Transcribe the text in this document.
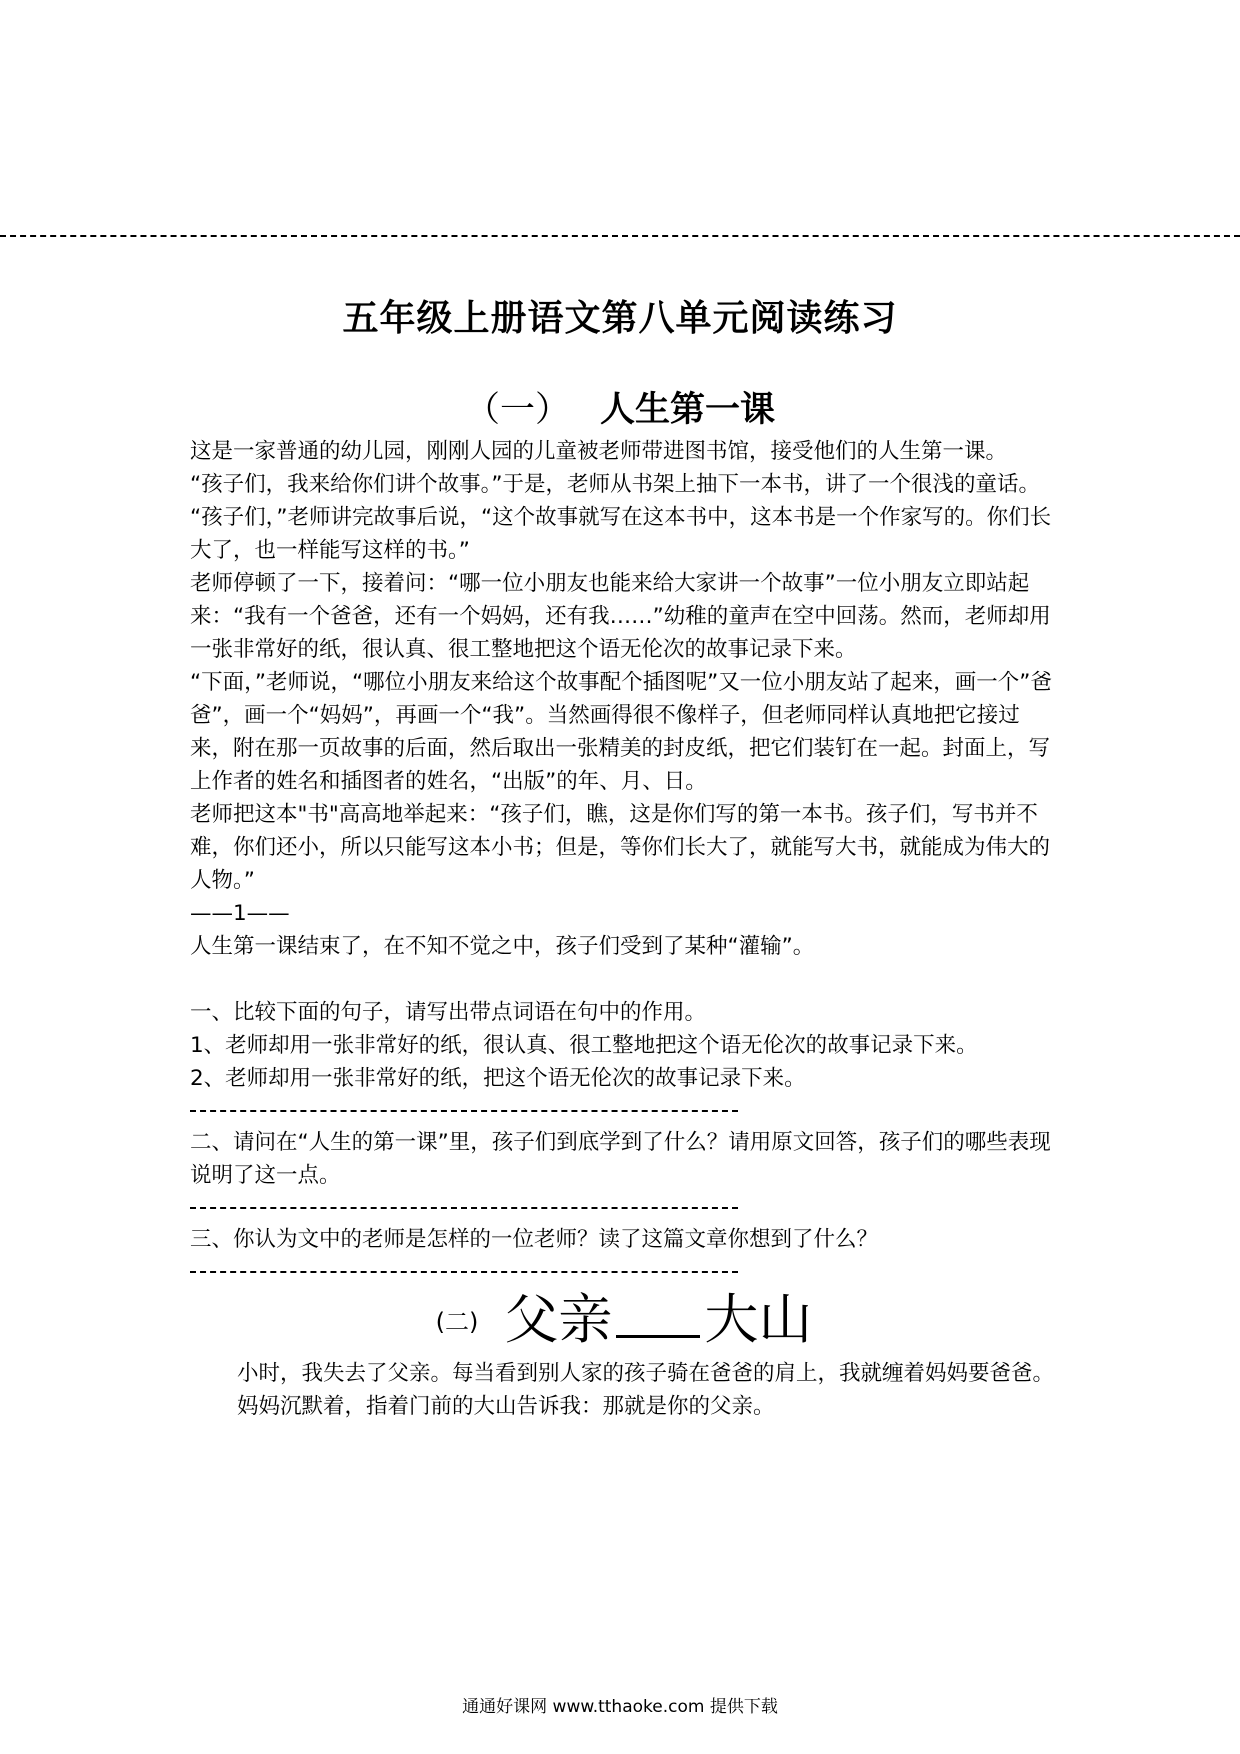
五年级上册语文第八单元阅读练习
（一） 人生第一课

这是一家普通的幼儿园，刚刚人园的儿童被老师带进图书馆，接受他们的人生第一课。

“孩子们，我来给你们讲个故事。”于是，老师从书架上抽下一本书，讲了一个很浅的童话。

“孩子们，”老师讲完故事后说，“这个故事就写在这本书中，这本书是一个作家写的。你们长大了，也一样能写这样的书。”

老师停顿了一下，接着问：“哪一位小朋友也能来给大家讲一个故事”一位小朋友立即站起来：“我有一个爸爸，还有一个妈妈，还有我……”幼稚的童声在空中回荡。然而，老师却用一张非常好的纸，很认真、很工整地把这个语无伦次的故事记录下来。

“下面，”老师说，“哪位小朋友来给这个故事配个插图呢”又一位小朋友站了起来，画一个”爸爸”，画一个“妈妈”，再画一个“我”。当然画得很不像样子，但老师同样认真地把它接过来，附在那一页故事的后面，然后取出一张精美的封皮纸，把它们装钉在一起。封面上，写上作者的姓名和插图者的姓名，“出版”的年、月、日。

老师把这本"书"高高地举起来：“孩子们，瞧，这是你们写的第一本书。孩子们，写书并不难，你们还小，所以只能写这本小书；但是，等你们长大了，就能写大书，就能成为伟大的人物。”

——1——

人生第一课结束了，在不知不觉之中，孩子们受到了某种“灌输”。

一、比较下面的句子，请写出带点词语在句中的作用。

1、老师却用一张非常好的纸，很认真、很工整地把这个语无伦次的故事记录下来。

2、老师却用一张非常好的纸，把这个语无伦次的故事记录下来。

二、请问在“人生的第一课”里，孩子们到底学到了什么？请用原文回答，孩子们的哪些表现说明了这一点。

三、你认为文中的老师是怎样的一位老师？读了这篇文章你想到了什么？

(二) 父亲 大山

小时，我失去了父亲。每当看到别人家的孩子骑在爸爸的肩上，我就缠着妈妈要爸爸。

妈妈沉默着，指着门前的大山告诉我：那就是你的父亲。

通通好课网 www.tthaoke.com 提供下载
